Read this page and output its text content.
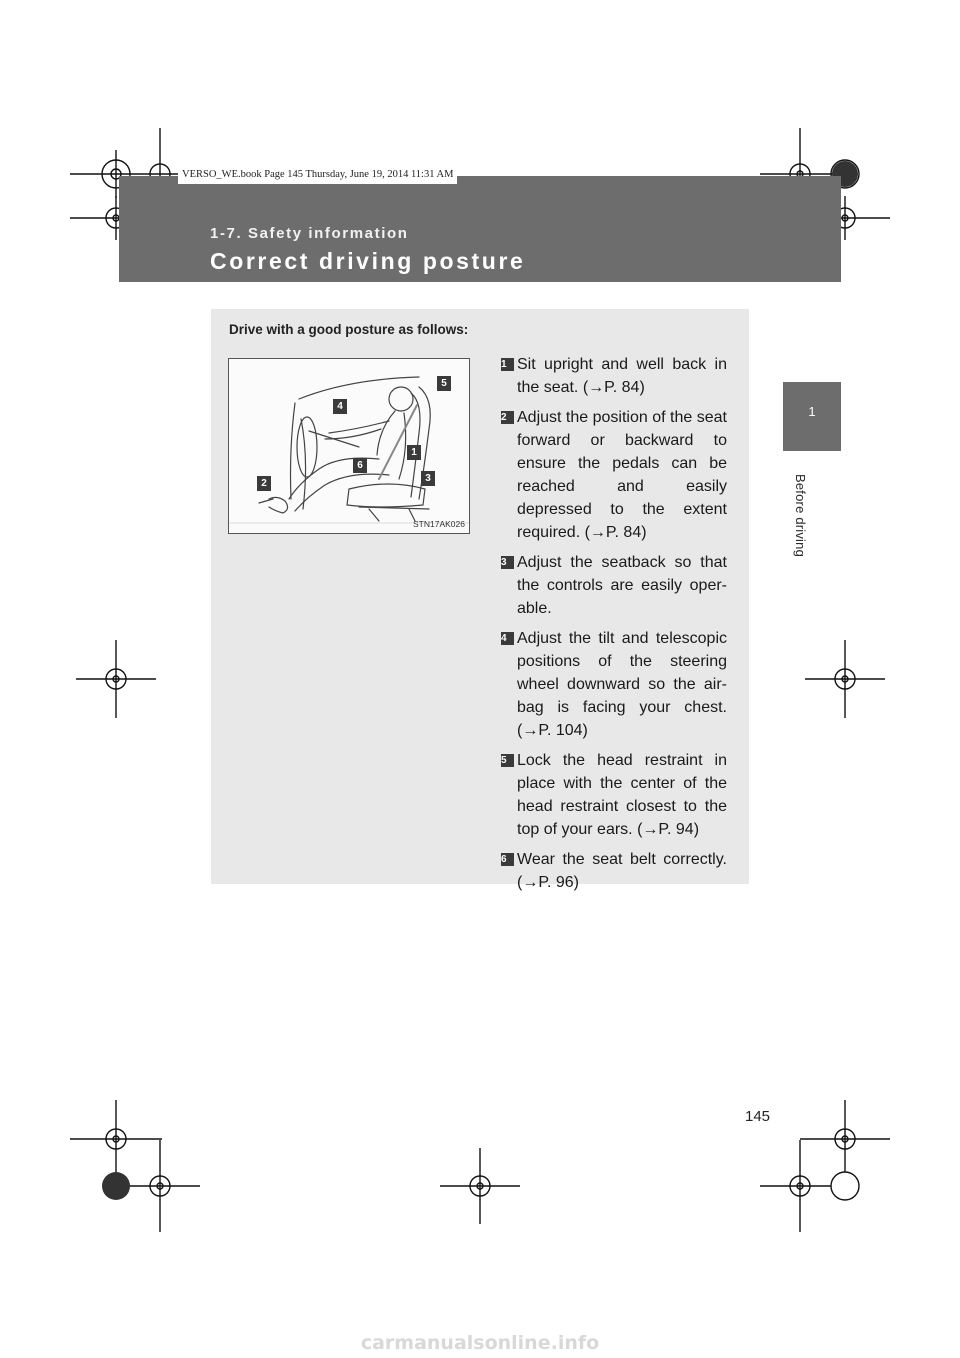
VERSO_WE.book Page 145 Thursday, June 19, 2014 11:31 AM
1-7. Safety information
Correct driving posture
1
Before driving
Drive with a good posture as follows:
5
4
1
6
3
2
STN17AK026
1 Sit upright and well back in the seat. (→P. 84)
2 Adjust the position of the seat forward or backward to ensure the pedals can be reached and easily depressed to the extent required. (→P. 84)
3 Adjust the seatback so that the controls are easily oper-able.
4 Adjust the tilt and telescopic positions of the steering wheel downward so the air-bag is facing your chest. (→P. 104)
5 Lock the head restraint in place with the center of the head restraint closest to the top of your ears. (→P. 94)
6 Wear the seat belt correctly. (→P. 96)
145
carmanualsonline.info
